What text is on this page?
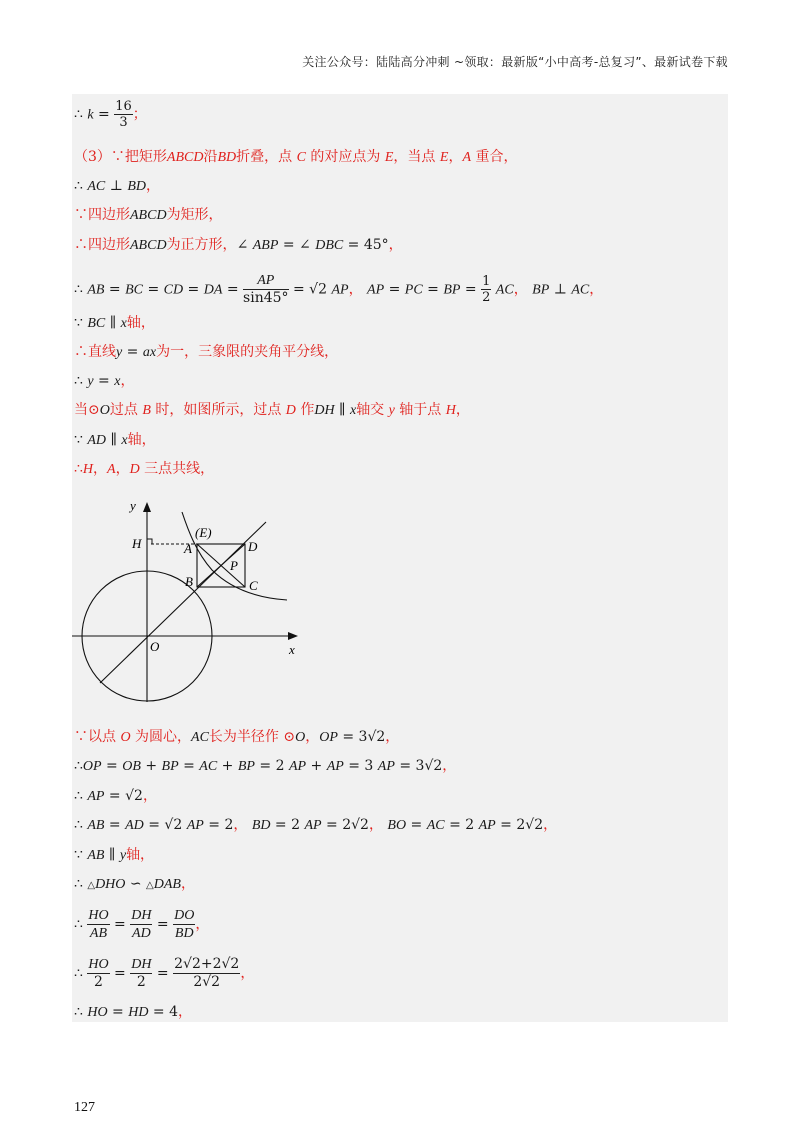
关注公众号：陆陆高分冲刺 ~领取：最新版“小中高考-总复习”、最新试卷下载
∴ $k = \frac{16}{3}$ ；
（3）∵把矩形ABCD沿BD折叠，点 C 的对应点为 E，当点 E，A 重合，
∴ AC ⊥ BD，
∵四边形ABCD为矩形，
∴四边形ABCD为正方形，∠ ABP = ∠ DBC = 45°，
∴ AB = BC = CD = DA = $\frac{AP}{\sin 45^\circ} = √2$ AP， AP = PC = BP = $\frac{1}{2}$ AC， BP ⊥ AC，
∵ BC ∥ x轴，
∴直线y = ax为一，三象限的夹角平分线，
∴ y = x，
当⊙O过点 B 时，如图所示，过点 D 作DH ∥ x轴交 y 轴于点 H，
∵ AD ∥ x轴，
∴H，A，D 三点共线，
y
x
O
H	A
(E)
D
B
P
C
∵以点 O 为圆心，AC长为半径作 ⊙O，OP = 3√2，
∴OP = OB + BP = AC + BP = 2 AP + AP = 3 AP = 3√2，
∴ AP = √2，
∴ AB = AD = √2 AP = 2， BD = 2 AP = 2√2， BO = AC = 2 AP = 2√2，
∵ AB ∥ y轴，
∴ △DHO ∽ △DAB，
∴ $\frac{HO}{AB} = \frac{DH}{AD} = \frac{DO}{BD}$ ，
∴ $\frac{HO}{2} = \frac{DH}{2} = \frac{2√2+2√2}{2√2}$ ，
∴ HO = HD = 4，
127
